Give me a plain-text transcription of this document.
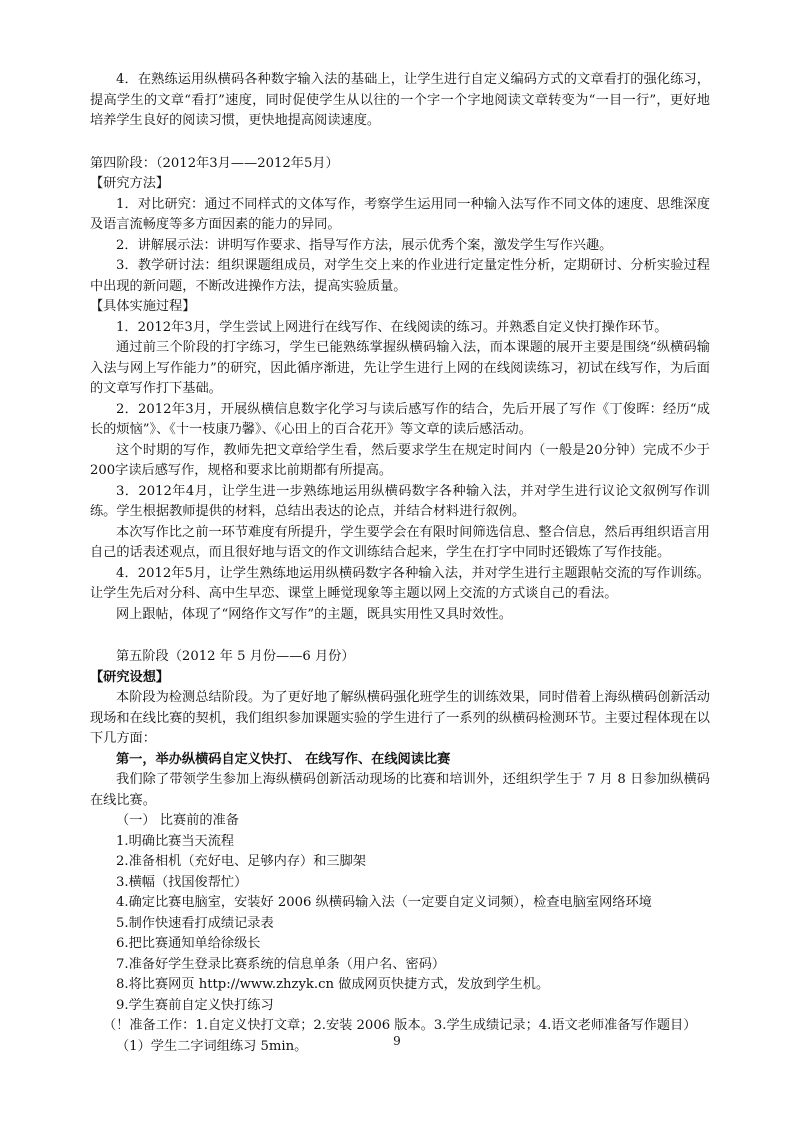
4．在熟练运用纵横码各种数字输入法的基础上，让学生进行自定义编码方式的文章看打的强化练习，提高学生的文章“看打”速度，同时促使学生从以往的一个字一个字地阅读文章转变为“一目一行”，更好地培养学生良好的阅读习惯，更快地提高阅读速度。

第四阶段：（2012年3月——2012年5月）

【研究方法】

1．对比研究：通过不同样式的文体写作，考察学生运用同一种输入法写作不同文体的速度、思维深度及语言流畅度等多方面因素的能力的异同。

2．讲解展示法：讲明写作要求、指导写作方法，展示优秀个案，激发学生写作兴趣。

3．教学研讨法：组织课题组成员，对学生交上来的作业进行定量定性分析，定期研讨、分析实验过程中出现的新问题，不断改进操作方法，提高实验质量。

【具体实施过程】

1．2012年3月，学生尝试上网进行在线写作、在线阅读的练习。并熟悉自定义快打操作环节。

通过前三个阶段的打字练习，学生已能熟练掌握纵横码输入法，而本课题的展开主要是围绕“纵横码输入法与网上写作能力”的研究，因此循序渐进，先让学生进行上网的在线阅读练习，初试在线写作，为后面的文章写作打下基础。

2．2012年3月，开展纵横信息数字化学习与读后感写作的结合，先后开展了写作《丁俊晖：经历“成长的烦恼”》、《十一枝康乃馨》、《心田上的百合花开》等文章的读后感活动。

这个时期的写作，教师先把文章给学生看，然后要求学生在规定时间内（一般是20分钟）完成不少于200字读后感写作，规格和要求比前期都有所提高。

3．2012年4月，让学生进一步熟练地运用纵横码数字各种输入法，并对学生进行议论文叙例写作训练。学生根据教师提供的材料，总结出表达的论点，并结合材料进行叙例。

本次写作比之前一环节难度有所提升，学生要学会在有限时间筛选信息、整合信息，然后再组织语言用自己的话表述观点，而且很好地与语文的作文训练结合起来，学生在打字中同时还锻炼了写作技能。

4．2012年5月，让学生熟练地运用纵横码数字各种输入法，并对学生进行主题跟帖交流的写作训练。让学生先后对分科、高中生早恋、课堂上睡觉现象等主题以网上交流的方式谈自己的看法。

网上跟帖，体现了“网络作文写作”的主题，既具实用性又具时效性。

第五阶段（2012 年 5 月份——6 月份）

【研究设想】

本阶段为检测总结阶段。为了更好地了解纵横码强化班学生的训练效果，同时借着上海纵横码创新活动现场和在线比赛的契机，我们组织参加课题实验的学生进行了一系列的纵横码检测环节。主要过程体现在以下几方面：

第一，举办纵横码自定义快打、 在线写作、在线阅读比赛

我们除了带领学生参加上海纵横码创新活动现场的比赛和培训外，还组织学生于 7 月 8 日参加纵横码在线比赛。

（一） 比赛前的准备

1.明确比赛当天流程

2.准备相机（充好电、足够内存）和三脚架

3.横幅（找国俊帮忙）

4.确定比赛电脑室，安装好 2006 纵横码输入法（一定要自定义词频），检查电脑室网络环境

5.制作快速看打成绩记录表

6.把比赛通知单给徐级长

7.准备好学生登录比赛系统的信息单条（用户名、密码）

8.将比赛网页 http://www.zhzyk.cn 做成网页快捷方式，发放到学生机。

9.学生赛前自定义快打练习

（！准备工作：1.自定义快打文章；2.安装 2006 版本。3.学生成绩记录；4.语文老师准备写作题目）

（1）学生二字词组练习 5min。	9
